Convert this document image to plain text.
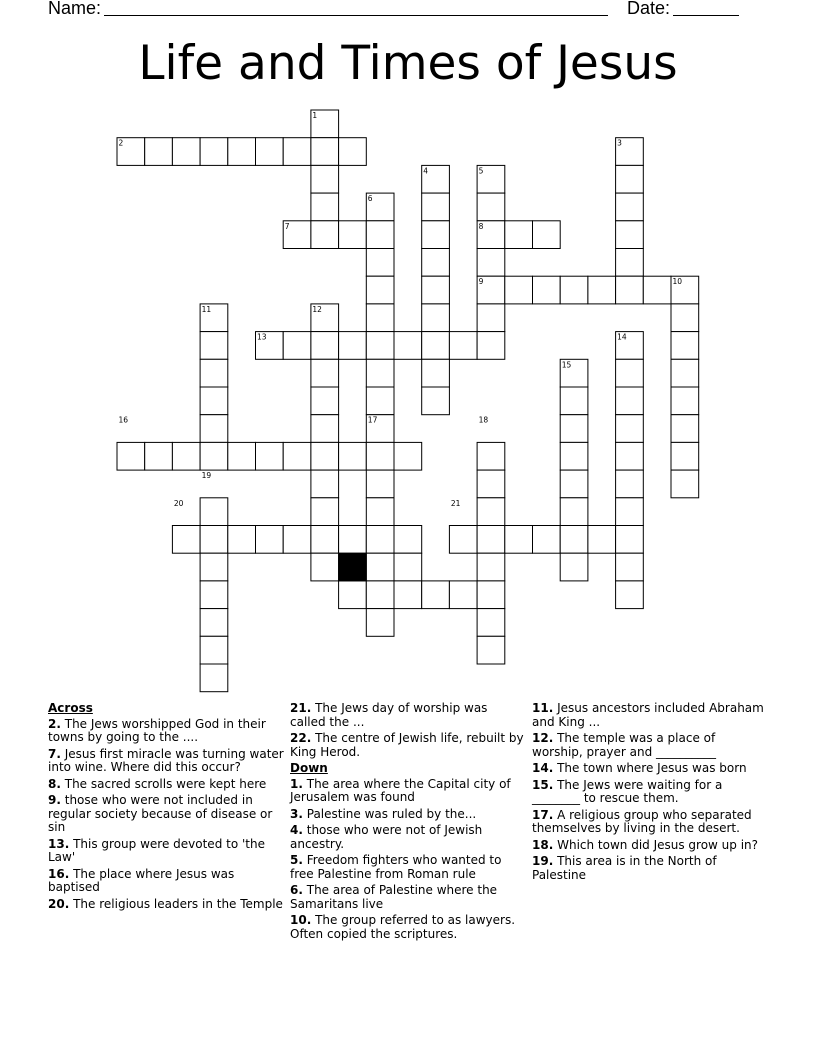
Name:	Date:
Life and Times of Jesus
1
2	3
4	5
6
7	8
9	10
11	12
13	14
15
16	17	18
19
20	21
22
Across
2. The Jews worshipped God in their towns by going to the ....
7. Jesus first miracle was turning water into wine. Where did this occur?
8. The sacred scrolls were kept here
9. those who were not included in regular society because of disease or sin
13. This group were devoted to 'the Law'
16. The place where Jesus was baptised
20. The religious leaders in the Temple
21. The Jews day of worship was called the ...
22. The centre of Jewish life, rebuilt by King Herod.
Down
1. The area where the Capital city of Jerusalem was found
3. Palestine was ruled by the...
4. those who were not of Jewish ancestry.
5. Freedom fighters who wanted to free Palestine from Roman rule
6. The area of Palestine where the Samaritans live
10. The group referred to as lawyers. Often copied the scriptures.
11. Jesus ancestors included Abraham and King ...
12. The temple was a place of worship, prayer and __________
14. The town where Jesus was born
15. The Jews were waiting for a ________ to rescue them.
17. A religious group who separated themselves by living in the desert.
18. Which town did Jesus grow up in?
19. This area is in the North of Palestine
